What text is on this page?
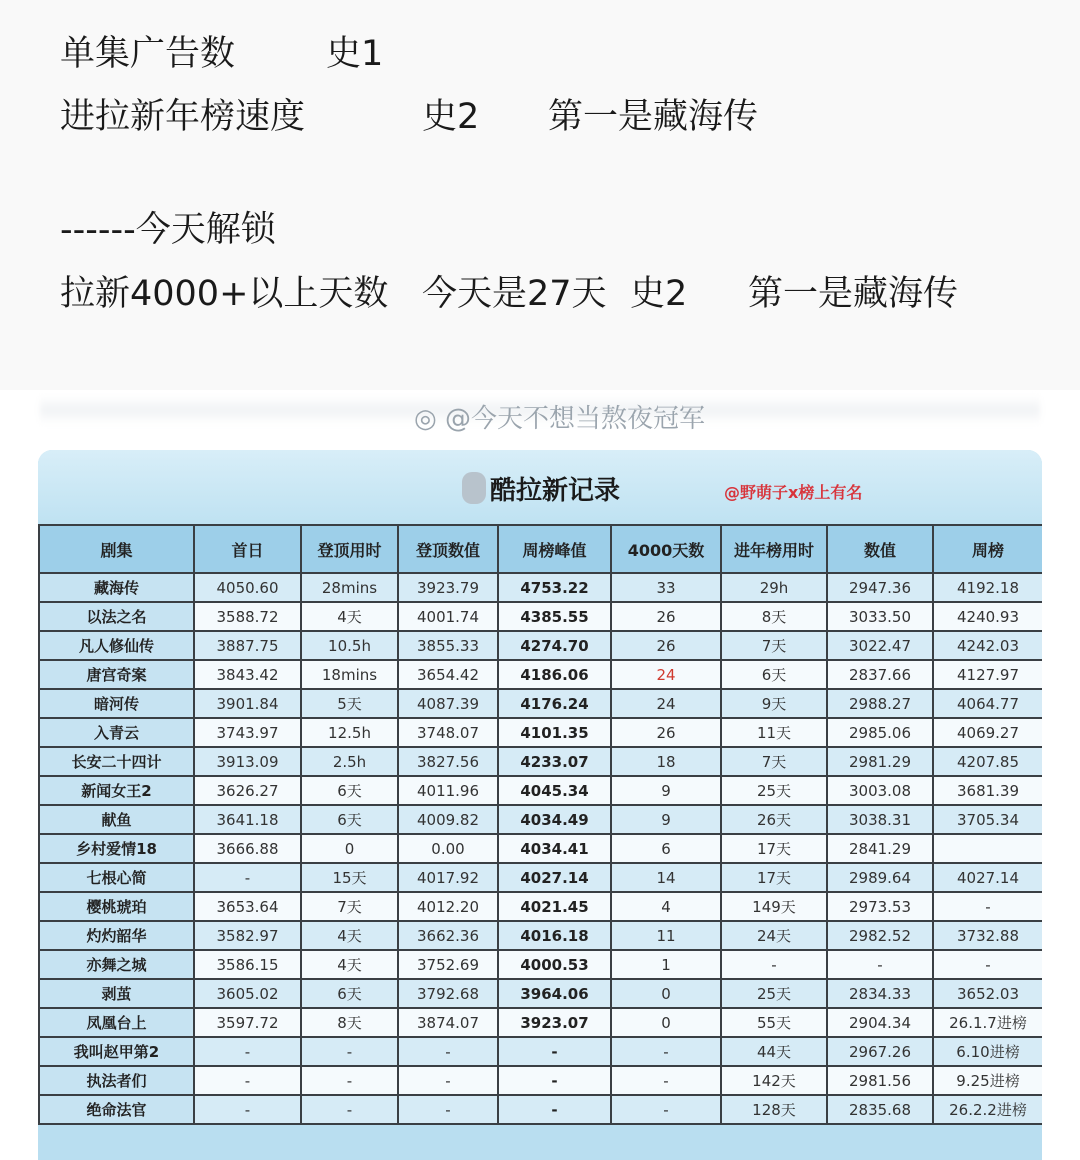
单集广告数

	史1

进拉新年榜速度

	史2

第一是藏海传

------今天解锁

拉新4000+以上天数

今天是27天

史2

第一是藏海传

酷拉新记录	@野萌子x榜上有名
剧集	首日	登顶用时	登顶数值	周榜峰值	4000天数	进年榜用时	数值	周榜
藏海传	4050.60	28mins	3923.79	4753.22	33	29h	2947.36	4192.18
以法之名	3588.72	4天	4001.74	4385.55	26	8天	3033.50	4240.93
凡人修仙传	3887.75	10.5h	3855.33	4274.70	26	7天	3022.47	4242.03
唐宫奇案	3843.42	18mins	3654.42	4186.06	24	6天	2837.66	4127.97
暗河传	3901.84	5天	4087.39	4176.24	24	9天	2988.27	4064.77
入青云	3743.97	12.5h	3748.07	4101.35	26	11天	2985.06	4069.27
长安二十四计	3913.09	2.5h	3827.56	4233.07	18	7天	2981.29	4207.85
新闻女王2	3626.27	6天	4011.96	4045.34	9	25天	3003.08	3681.39
献鱼	3641.18	6天	4009.82	4034.49	9	26天	3038.31	3705.34
乡村爱情18	3666.88	0	0.00	4034.41	6	17天	2841.29	
七根心简	-	15天	4017.92	4027.14	14	17天	2989.64	4027.14
樱桃琥珀	3653.64	7天	4012.20	4021.45	4	149天	2973.53	-
灼灼韶华	3582.97	4天	3662.36	4016.18	11	24天	2982.52	3732.88
亦舞之城	3586.15	4天	3752.69	4000.53	1	-	-	-
剥茧	3605.02	6天	3792.68	3964.06	0	25天	2834.33	3652.03
凤凰台上	3597.72	8天	3874.07	3923.07	0	55天	2904.34	26.1.7进榜
我叫赵甲第2	-	-	-	-	-	44天	2967.26	6.10进榜
执法者们	-	-	-	-	-	142天	2981.56	9.25进榜
绝命法官	-	-	-	-	-	128天	2835.68	26.2.2进榜
◎ @今天不想当熬夜冠军
